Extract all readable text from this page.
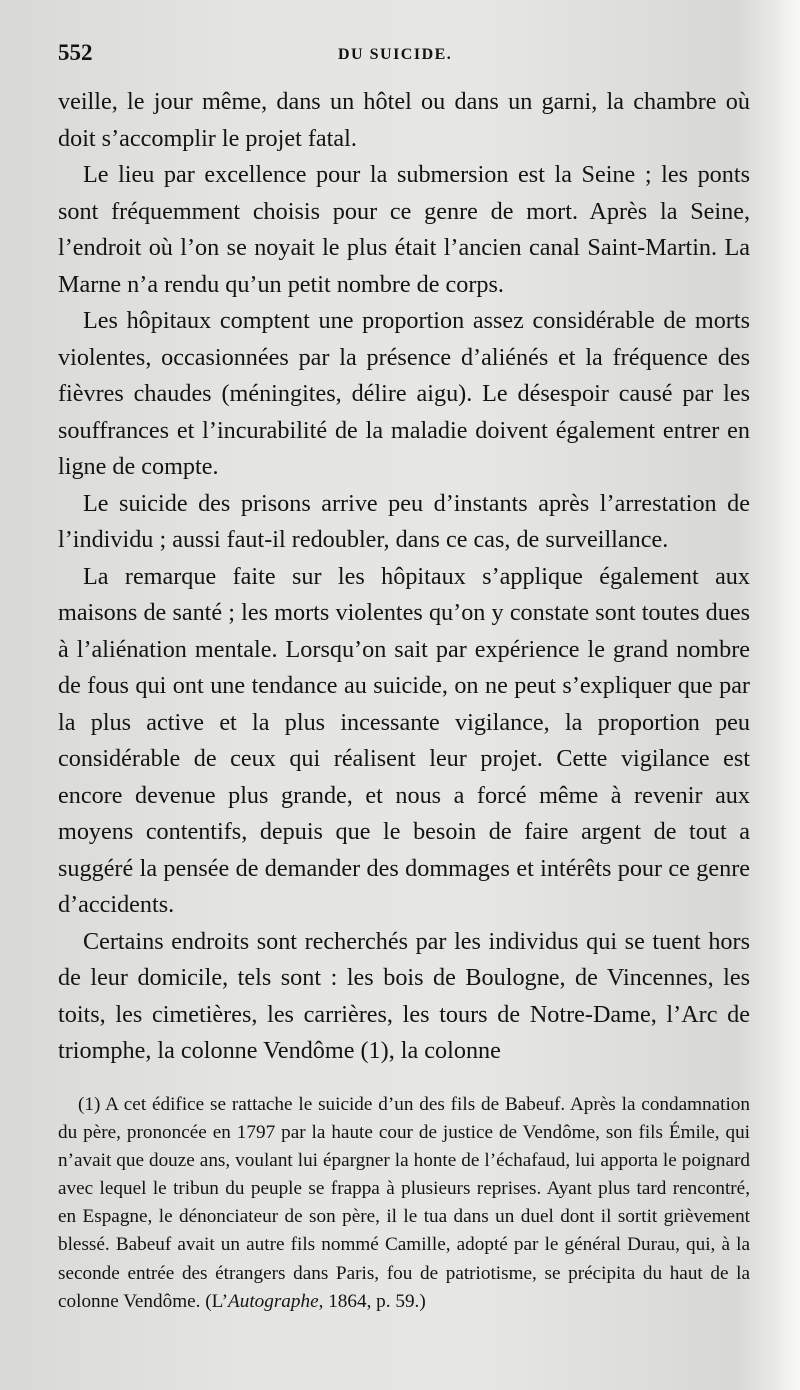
552	DU SUICIDE.

veille, le jour même, dans un hôtel ou dans un garni, la chambre où doit s’accomplir le projet fatal.

Le lieu par excellence pour la submersion est la Seine ; les ponts sont fréquemment choisis pour ce genre de mort. Après la Seine, l’endroit où l’on se noyait le plus était l’ancien canal Saint-Martin. La Marne n’a rendu qu’un petit nombre de corps.

Les hôpitaux comptent une proportion assez considérable de morts violentes, occasionnées par la présence d’aliénés et la fréquence des fièvres chaudes (méningites, délire aigu). Le désespoir causé par les souffrances et l’incurabilité de la maladie doivent également entrer en ligne de compte.

Le suicide des prisons arrive peu d’instants après l’arrestation de l’individu ; aussi faut-il redoubler, dans ce cas, de surveillance.

La remarque faite sur les hôpitaux s’applique également aux maisons de santé ; les morts violentes qu’on y constate sont toutes dues à l’aliénation mentale. Lorsqu’on sait par expérience le grand nombre de fous qui ont une tendance au suicide, on ne peut s’expliquer que par la plus active et la plus incessante vigilance, la proportion peu considérable de ceux qui réalisent leur projet. Cette vigilance est encore devenue plus grande, et nous a forcé même à revenir aux moyens contentifs, depuis que le besoin de faire argent de tout a suggéré la pensée de demander des dommages et intérêts pour ce genre d’accidents.

Certains endroits sont recherchés par les individus qui se tuent hors de leur domicile, tels sont : les bois de Boulogne, de Vincennes, les toits, les cimetières, les carrières, les tours de Notre-Dame, l’Arc de triomphe, la colonne Vendôme (1), la colonne

(1) A cet édifice se rattache le suicide d’un des fils de Babeuf. Après la condamnation du père, prononcée en 1797 par la haute cour de justice de Vendôme, son fils Émile, qui n’avait que douze ans, voulant lui épargner la honte de l’échafaud, lui apporta le poignard avec lequel le tribun du peuple se frappa à plusieurs reprises. Ayant plus tard rencontré, en Espagne, le dénonciateur de son père, il le tua dans un duel dont il sortit grièvement blessé. Babeuf avait un autre fils nommé Camille, adopté par le général Durau, qui, à la seconde entrée des étrangers dans Paris, fou de patriotisme, se précipita du haut de la colonne Vendôme. (L’Autographe, 1864, p. 59.)
